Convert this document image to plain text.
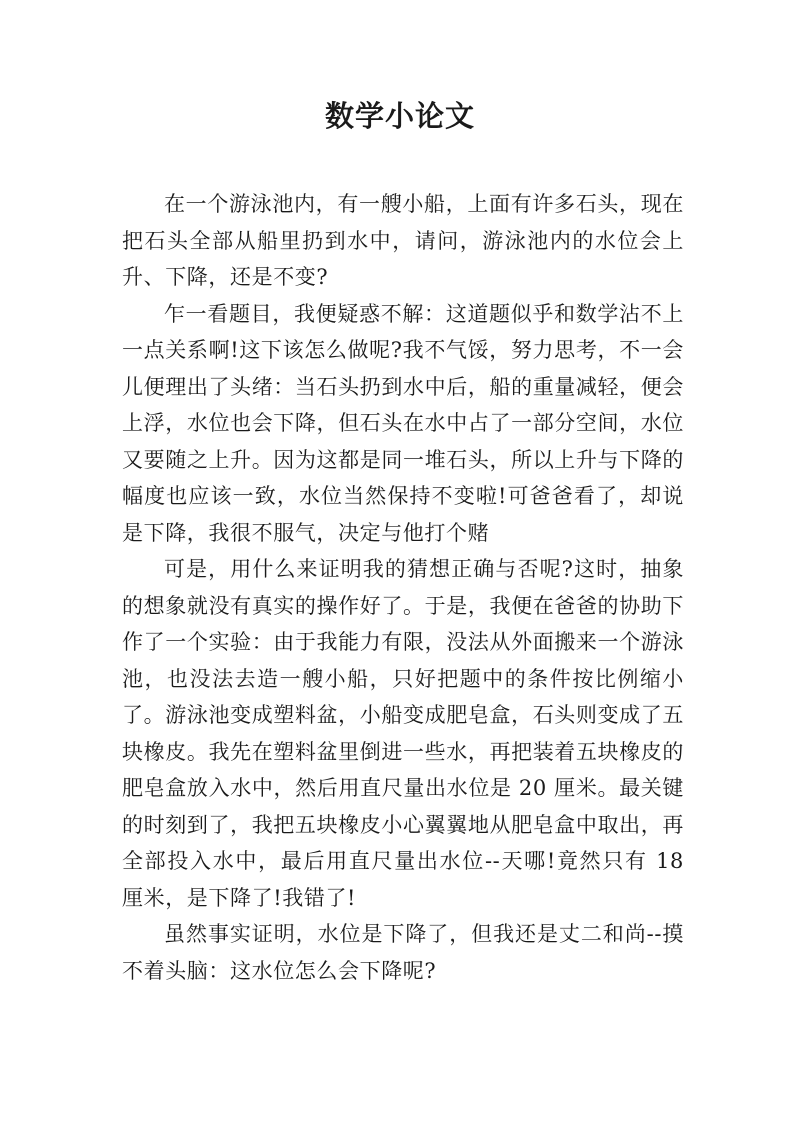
数学小论文

在一个游泳池内，有一艘小船，上面有许多石头，现在把石头全部从船里扔到水中，请问，游泳池内的水位会上升、下降，还是不变?

乍一看题目，我便疑惑不解：这道题似乎和数学沾不上一点关系啊!这下该怎么做呢?我不气馁，努力思考，不一会儿便理出了头绪：当石头扔到水中后，船的重量减轻，便会上浮，水位也会下降，但石头在水中占了一部分空间，水位又要随之上升。因为这都是同一堆石头，所以上升与下降的幅度也应该一致，水位当然保持不变啦!可爸爸看了，却说是下降，我很不服气，决定与他打个赌

可是，用什么来证明我的猜想正确与否呢?这时，抽象的想象就没有真实的操作好了。于是，我便在爸爸的协助下作了一个实验：由于我能力有限，没法从外面搬来一个游泳池，也没法去造一艘小船，只好把题中的条件按比例缩小了。游泳池变成塑料盆，小船变成肥皂盒，石头则变成了五块橡皮。我先在塑料盆里倒进一些水，再把装着五块橡皮的肥皂盒放入水中，然后用直尺量出水位是 20 厘米。最关键的时刻到了，我把五块橡皮小心翼翼地从肥皂盒中取出，再全部投入水中，最后用直尺量出水位--天哪!竟然只有 18 厘米，是下降了!我错了!

虽然事实证明，水位是下降了，但我还是丈二和尚--摸不着头脑：这水位怎么会下降呢?
